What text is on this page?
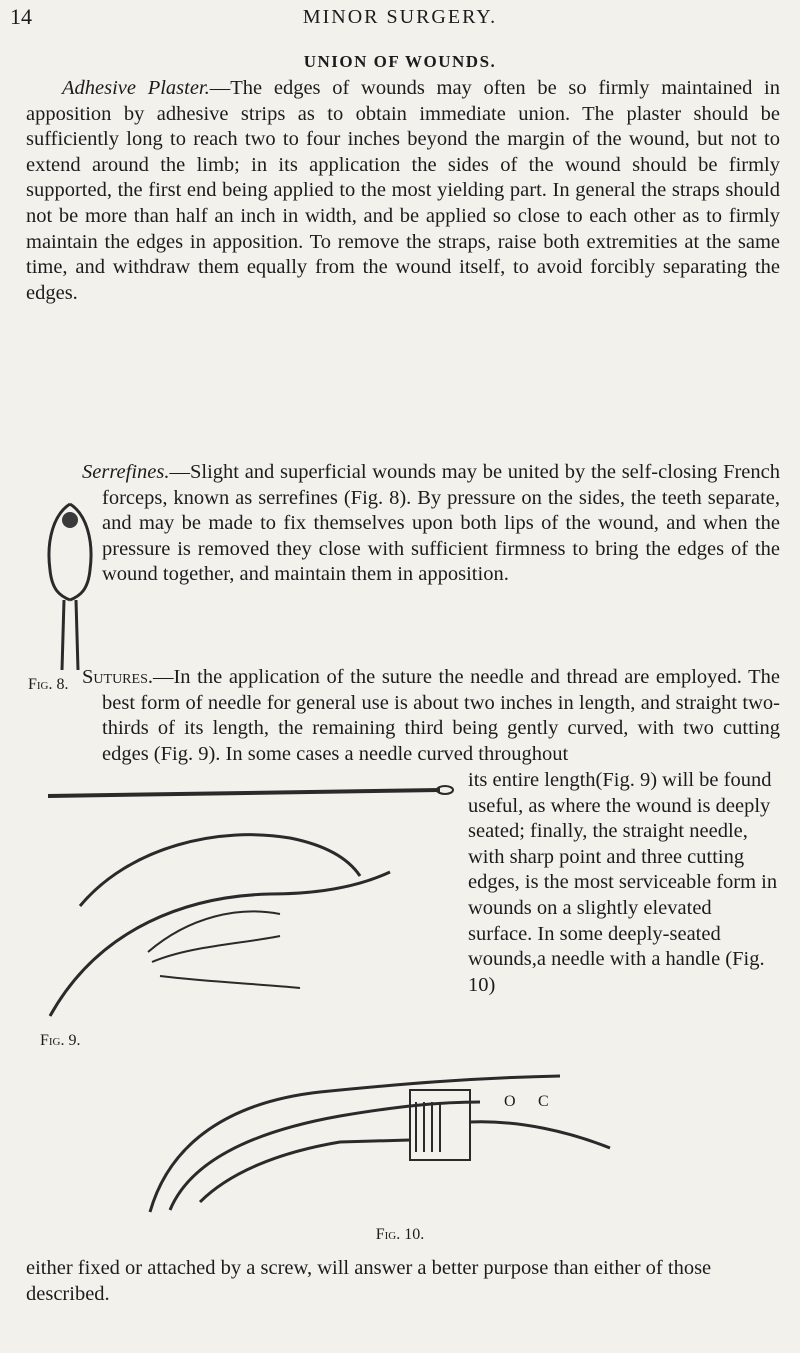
14	MINOR SURGERY.
UNION OF WOUNDS.

Adhesive Plaster.—The edges of wounds may often be so firmly maintained in apposition by adhesive strips as to obtain immediate union. The plaster should be sufficiently long to reach two to four inches beyond the margin of the wound, but not to extend around the limb; in its application the sides of the wound should be firmly supported, the first end being applied to the most yielding part. In general the straps should not be more than half an inch in width, and be applied so close to each other as to firmly maintain the edges in apposition. To remove the straps, raise both extremities at the same time, and withdraw them equally from the wound itself, to avoid forcibly separating the edges.

Serrefines.—Slight and superficial wounds may be united by the self-closing French forceps, known as serrefines (Fig. 8). By pressure on the sides, the teeth separate, and may be made to fix themselves upon both lips of the wound, and when the pressure is removed they close with sufficient firmness to bring the edges of the wound together, and maintain them in apposition.

Fig. 8. Sutures.—In the application of the suture the needle and thread are employed. The best form of needle for general use is about two inches in length, and straight two-thirds of its length, the remaining third being gently curved, with two cutting edges (Fig. 9). In some cases a needle curved throughout

its entire length(Fig. 9) will be found useful, as where the wound is deeply seated; finally, the straight needle, with sharp point and three cutting edges, is the most serviceable form in wounds on a slightly elevated surface. In some deeply-seated wounds,a needle with a handle (Fig. 10)

Fig. 9.
O C
Fig. 10.

either fixed or attached by a screw, will answer a better purpose than either of those described.
